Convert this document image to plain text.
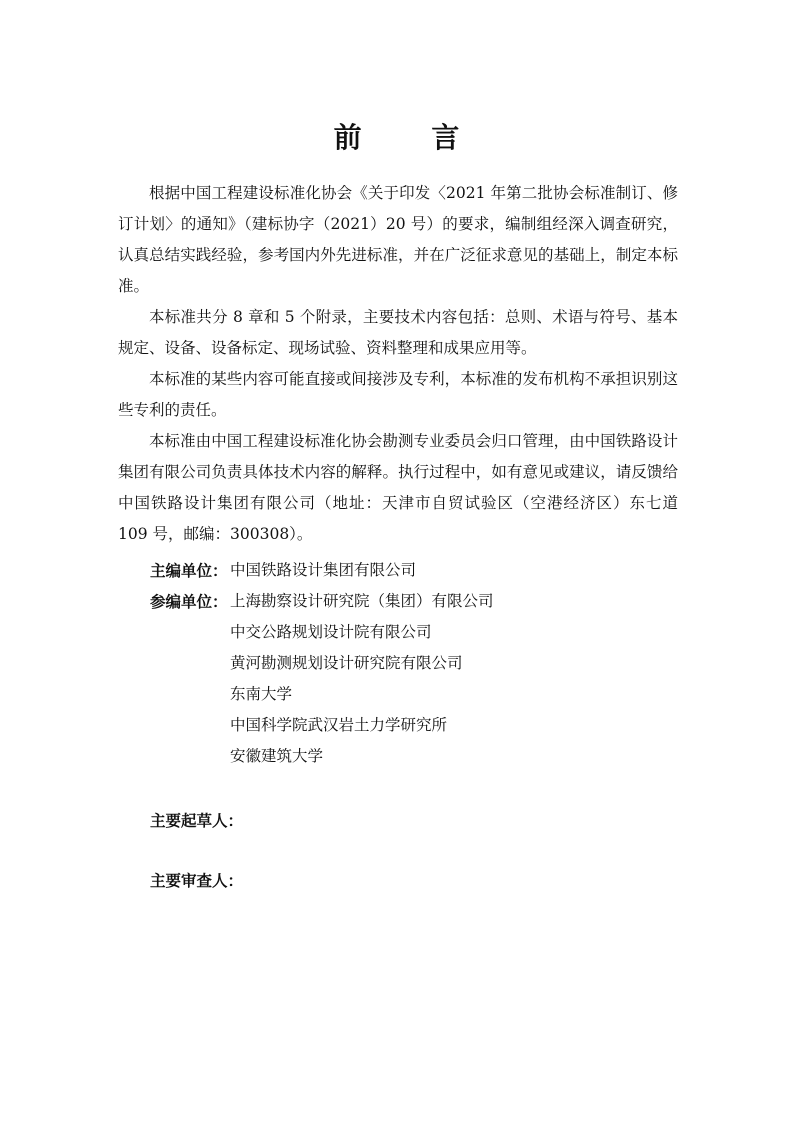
前 言

根据中国工程建设标准化协会《关于印发〈2021 年第二批协会标准制订、修订计划〉的通知》（建标协字（2021）20 号）的要求，编制组经深入调查研究，认真总结实践经验，参考国内外先进标准，并在广泛征求意见的基础上，制定本标准。

本标准共分 8 章和 5 个附录，主要技术内容包括：总则、术语与符号、基本规定、设备、设备标定、现场试验、资料整理和成果应用等。

本标准的某些内容可能直接或间接涉及专利，本标准的发布机构不承担识别这些专利的责任。

本标准由中国工程建设标准化协会勘测专业委员会归口管理，由中国铁路设计集团有限公司负责具体技术内容的解释。执行过程中，如有意见或建议，请反馈给中国铁路设计集团有限公司（地址：天津市自贸试验区（空港经济区）东七道 109 号，邮编：300308）。

主编单位： 中国铁路设计集团有限公司
参编单位： 上海勘察设计研究院（集团）有限公司
中交公路规划设计院有限公司
黄河勘测规划设计研究院有限公司
东南大学
中国科学院武汉岩土力学研究所
安徽建筑大学
主要起草人：
主要审查人：
